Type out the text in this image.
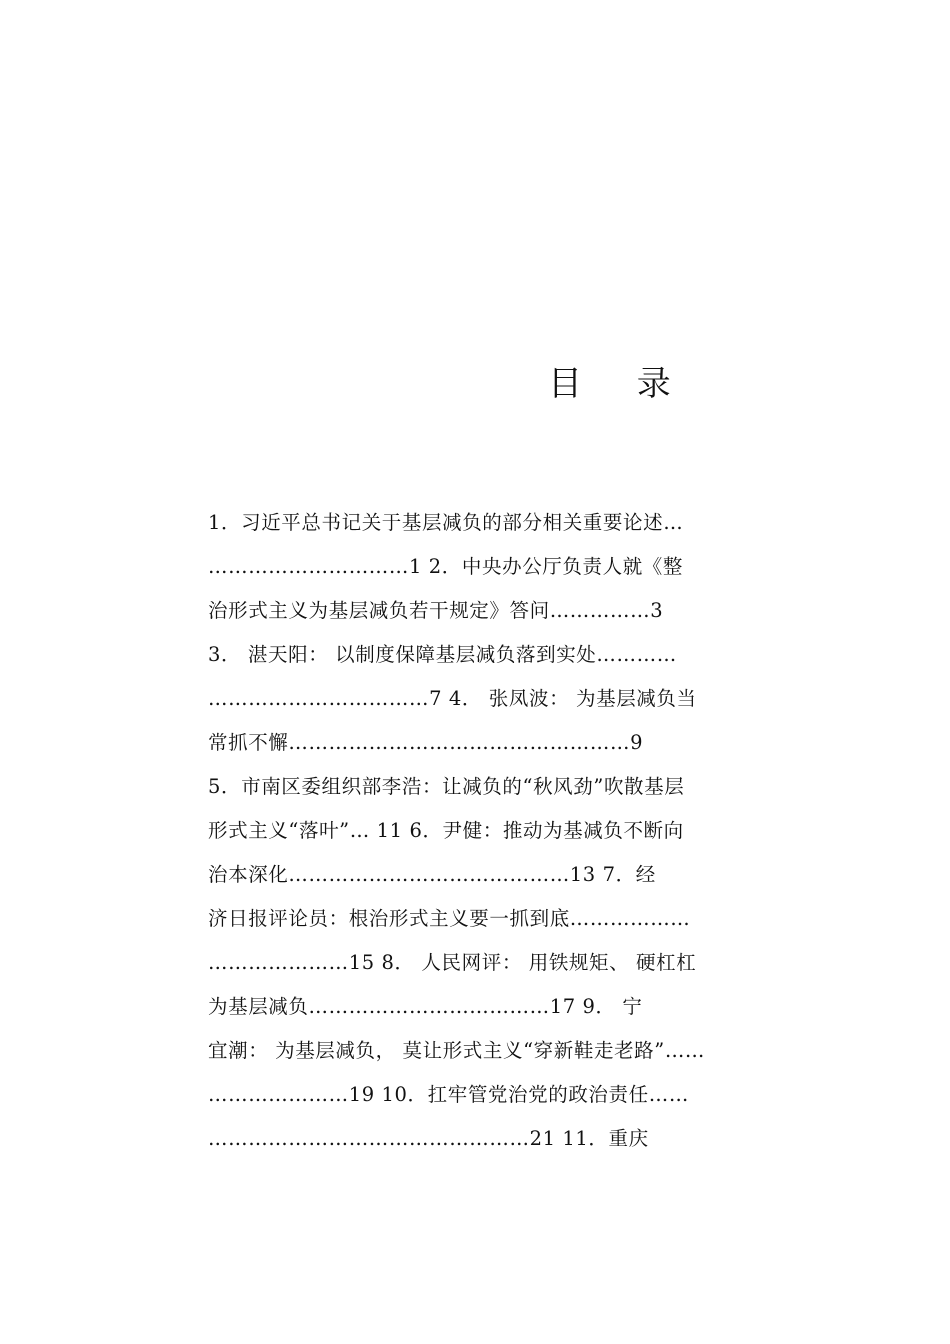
目 录
1．习近平总书记关于基层减负的部分相关重要论述…
…………………………1 2．中央办公厅负责人就《整
治形式主义为基层减负若干规定》答问……………3
3． 湛天阳： 以制度保障基层减负落到实处…………
……………………………7 4． 张凤波： 为基层减负当
常抓不懈……………………………………………9
5．市南区委组织部李浩：让减负的“秋风劲”吹散基层
形式主义“落叶”… 11 6．尹健：推动为基减负不断向
治本深化……………………………………13 7．经
济日报评论员：根治形式主义要一抓到底………………
…………………15 8． 人民网评： 用铁规矩、 硬杠杠
为基层减负………………………………17 9． 宁
宜潮： 为基层减负， 莫让形式主义“穿新鞋走老路”……
…………………19 10．扛牢管党治党的政治责任……
…………………………………………21 11．重庆
